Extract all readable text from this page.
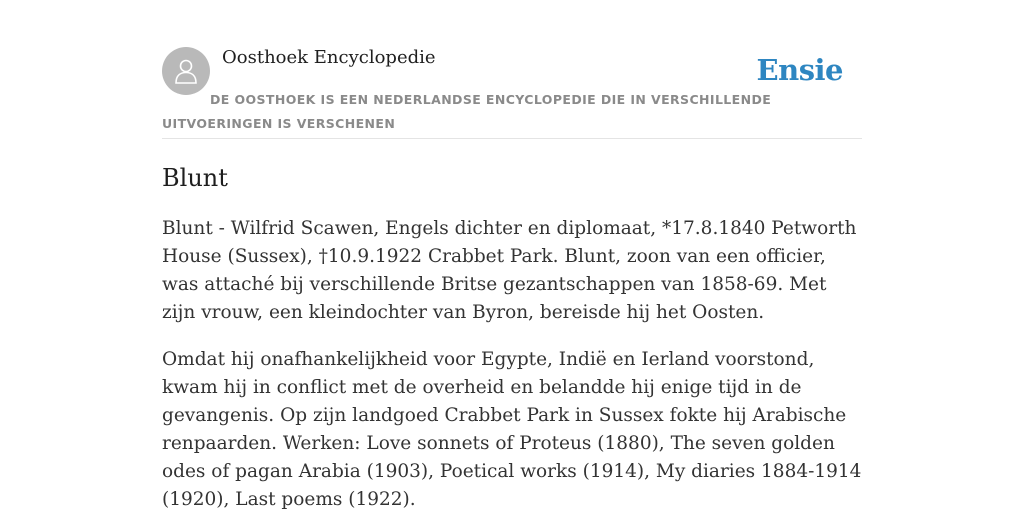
Oosthoek Encyclopedie	Ensie
DE OOSTHOEK IS EEN NEDERLANDSE ENCYCLOPEDIE DIE IN VERSCHILLENDE UITVOERINGEN IS VERSCHENEN
Blunt

Blunt - Wilfrid Scawen, Engels dichter en diplomaat, *17.8.1840 Petworth House (Sussex), †10.9.1922 Crabbet Park. Blunt, zoon van een officier, was attaché bij verschillende Britse gezantschappen van 1858-69. Met zijn vrouw, een kleindochter van Byron, bereisde hij het Oosten.

Omdat hij onafhankelijkheid voor Egypte, Indië en Ierland voorstond, kwam hij in conflict met de overheid en belandde hij enige tijd in de gevangenis. Op zijn landgoed Crabbet Park in Sussex fokte hij Arabische renpaarden. Werken: Love sonnets of Proteus (1880), The seven golden odes of pagan Arabia (1903), Poetical works (1914), My diaries 1884-1914 (1920), Last poems (1922).
